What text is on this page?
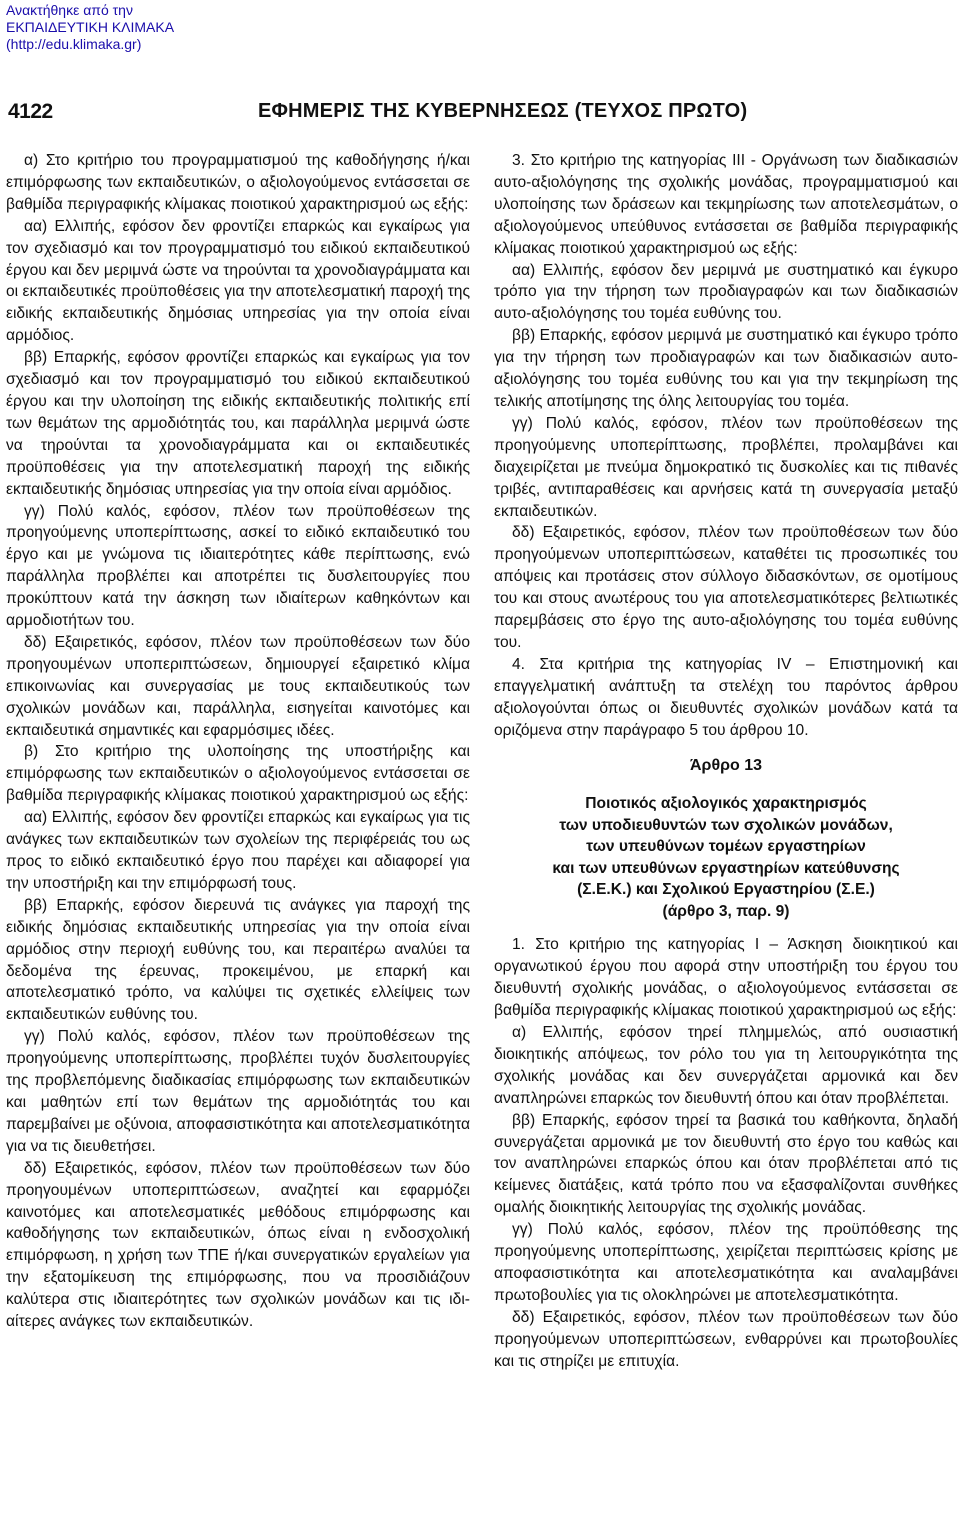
Ανακτήθηκε από την
ΕΚΠΑΙΔΕΥΤΙΚΗ ΚΛΙΜΑΚΑ
(http://edu.klimaka.gr)
4122	ΕΦΗΜΕΡΙΣ ΤΗΣ ΚΥΒΕΡΝΗΣΕΩΣ (ΤΕΥΧΟΣ ΠΡΩΤΟ)

α) Στο κριτήριο του προγραμματισμού της καθοδήγησης ή/και επιμόρφωσης των εκπαιδευτικών, ο αξιολογούμενος εντάσσεται σε βαθμίδα περιγραφικής κλίμακας ποιοτικού χαρακτηρισμού ως εξής:

αα) Ελλιπής, εφόσον δεν φροντίζει επαρκώς και εγκαίρως για τον σχεδιασμό και τον προγραμματισμό του ειδικού εκπαιδευτικού έργου και δεν μεριμνά ώστε να τηρούνται τα χρονοδιαγράμματα και οι εκπαιδευτικές προϋποθέσεις για την αποτελεσματική παροχή της ειδικής εκπαιδευτικής δημόσιας υπηρεσίας για την οποία είναι αρμόδιος.

ββ) Επαρκής, εφόσον φροντίζει επαρκώς και εγκαίρως για τον σχεδιασμό και τον προγραμματισμό του ειδικού εκπαιδευτικού έργου και την υλοποίηση της ειδικής εκπαιδευτικής πολιτικής επί των θεμάτων της αρμοδιότητάς του, και παράλληλα μεριμνά ώστε να τηρούνται τα χρονοδιαγράμματα και οι εκπαιδευτικές προϋποθέσεις για την αποτελεσματική παροχή της ειδικής εκπαιδευτικής δημόσιας υπηρεσίας για την οποία είναι αρμόδιος.

γγ) Πολύ καλός, εφόσον, πλέον των προϋποθέσεων της προηγούμενης υποπερίπτωσης, ασκεί το ειδικό εκπαιδευτικό του έργο και με γνώμονα τις ιδιαιτερότητες κάθε περίπτωσης, ενώ παράλληλα προβλέπει και αποτρέπει τις δυσλειτουργίες που προκύπτουν κατά την άσκηση των ιδιαίτερων καθηκόντων και αρμοδιοτήτων του.

δδ) Εξαιρετικός, εφόσον, πλέον των προϋποθέσεων των δύο προηγουμένων υποπεριπτώσεων, δημιουργεί εξαιρετικό κλίμα επικοινωνίας και συνεργασίας με τους εκπαιδευτικούς των σχολικών μονάδων και, παράλληλα, εισηγείται καινοτόμες και εκπαιδευτικά σημαντικές και εφαρμόσιμες ιδέες.

β) Στο κριτήριο της υλοποίησης της υποστήριξης και επιμόρφωσης των εκπαιδευτικών ο αξιολογούμενος εντάσσεται σε βαθμίδα περιγραφικής κλίμακας ποιοτικού χαρακτηρισμού ως εξής:

αα) Ελλιπής, εφόσον δεν φροντίζει επαρκώς και εγκαίρως για τις ανάγκες των εκπαιδευτικών των σχολείων της περιφέρειάς του ως προς το ειδικό εκπαιδευτικό έργο που παρέχει και αδιαφορεί για την υποστήριξη και την επιμόρφωσή τους.

ββ) Επαρκής, εφόσον διερευνά τις ανάγκες για παροχή της ειδικής δημόσιας εκπαιδευτικής υπηρεσίας για την οποία είναι αρμόδιος στην περιοχή ευθύνης του, και περαιτέρω αναλύει τα δεδομένα της έρευνας, προκειμένου, με επαρκή και αποτελεσματικό τρόπο, να καλύψει τις σχετικές ελλείψεις των εκπαιδευτικών ευθύνης του.

γγ) Πολύ καλός, εφόσον, πλέον των προϋποθέσεων της προηγούμενης υποπερίπτωσης, προβλέπει τυχόν δυσλειτουργίες της προβλεπόμενης διαδικασίας επιμόρφωσης των εκπαιδευτικών και μαθητών επί των θεμάτων της αρμοδιότητάς του και παρεμβαίνει με οξύνοια, αποφασιστικότητα και αποτελεσματικότητα για να τις διευθετήσει.

δδ) Εξαιρετικός, εφόσον, πλέον των προϋποθέσεων των δύο προηγουμένων υποπεριπτώσεων, αναζητεί και εφαρμόζει καινοτόμες και αποτελεσματικές μεθόδους επιμόρφωσης και καθοδήγησης των εκπαιδευτικών, όπως είναι η ενδοσχολική επιμόρφωση, η χρήση των ΤΠΕ ή/και συνεργατικών εργαλείων για την εξατομίκευση της επιμόρφωσης, που να προσιδιάζουν καλύτερα στις ιδιαιτερότητες των σχολικών μονάδων και τις ιδιαίτερες ανάγκες των εκπαιδευτικών.

3. Στο κριτήριο της κατηγορίας ΙΙΙ - Οργάνωση των διαδικασιών αυτο-αξιολόγησης της σχολικής μονάδας, προγραμματισμού και υλοποίησης των δράσεων και τεκμηρίωσης των αποτελεσμάτων, ο αξιολογούμενος υπεύθυνος εντάσσεται σε βαθμίδα περιγραφικής κλίμακας ποιοτικού χαρακτηρισμού ως εξής:

αα) Ελλιπής, εφόσον δεν μεριμνά με συστηματικό και έγκυρο τρόπο για την τήρηση των προδιαγραφών και των διαδικασιών αυτο-αξιολόγησης του τομέα ευθύνης του.

ββ) Επαρκής, εφόσον μεριμνά με συστηματικό και έγκυρο τρόπο για την τήρηση των προδιαγραφών και των διαδικασιών αυτο-αξιολόγησης του τομέα ευθύνης του και για την τεκμηρίωση της τελικής αποτίμησης της όλης λειτουργίας του τομέα.

γγ) Πολύ καλός, εφόσον, πλέον των προϋποθέσεων της προηγούμενης υποπερίπτωσης, προβλέπει, προλαμβάνει και διαχειρίζεται με πνεύμα δημοκρατικό τις δυσκολίες και τις πιθανές τριβές, αντιπαραθέσεις και αρνήσεις κατά τη συνεργασία μεταξύ εκπαιδευτικών.

δδ) Εξαιρετικός, εφόσον, πλέον των προϋποθέσεων των δύο προηγούμενων υποπεριπτώσεων, καταθέτει τις προσωπικές του απόψεις και προτάσεις στον σύλλογο διδασκόντων, σε ομοτίμους του και στους ανωτέρους του για αποτελεσματικότερες βελτιωτικές παρεμβάσεις στο έργο της αυτο-αξιολόγησης του τομέα ευθύνης του.

4. Στα κριτήρια της κατηγορίας ΙV – Επιστημονική και επαγγελματική ανάπτυξη τα στελέχη του παρόντος άρθρου αξιολογούνται όπως οι διευθυντές σχολικών μονάδων κατά τα οριζόμενα στην παράγραφο 5 του άρθρου 10.

Άρθρο 13

Ποιοτικός αξιολογικός χαρακτηρισμός
των υποδιευθυντών των σχολικών μονάδων,
των υπευθύνων τομέων εργαστηρίων
και των υπευθύνων εργαστηρίων κατεύθυνσης
(Σ.Ε.Κ.) και Σχολικού Εργαστηρίου (Σ.Ε.)
(άρθρο 3, παρ. 9)

1. Στο κριτήριο της κατηγορίας Ι – Άσκηση διοικητικού και οργανωτικού έργου που αφορά στην υποστήριξη του έργου του διευθυντή σχολικής μονάδας, ο αξιολογούμενος εντάσσεται σε βαθμίδα περιγραφικής κλίμακας ποιοτικού χαρακτηρισμού ως εξής:

α) Ελλιπής, εφόσον τηρεί πλημμελώς, από ουσιαστική διοικητικής απόψεως, τον ρόλο του για τη λειτουργικότητα της σχολικής μονάδας και δεν συνεργάζεται αρμονικά και δεν αναπληρώνει επαρκώς τον διευθυντή όπου και όταν προβλέπεται.

ββ) Επαρκής, εφόσον τηρεί τα βασικά του καθήκοντα, δηλαδή συνεργάζεται αρμονικά με τον διευθυντή στο έργο του καθώς και τον αναπληρώνει επαρκώς όπου και όταν προβλέπεται από τις κείμενες διατάξεις, κατά τρόπο που να εξασφαλίζονται συνθήκες ομαλής διοικητικής λειτουργίας της σχολικής μονάδας.

γγ) Πολύ καλός, εφόσον, πλέον της προϋπόθεσης της προηγούμενης υποπερίπτωσης, χειρίζεται περιπτώσεις κρίσης με αποφασιστικότητα και αποτελεσματικότητα και αναλαμβάνει πρωτοβουλίες για τις ολοκληρώνει με αποτελεσματικότητα.

δδ) Εξαιρετικός, εφόσον, πλέον των προϋποθέσεων των δύο προηγούμενων υποπεριπτώσεων, ενθαρρύνει και πρωτοβουλίες και τις στηρίζει με επιτυχία.
